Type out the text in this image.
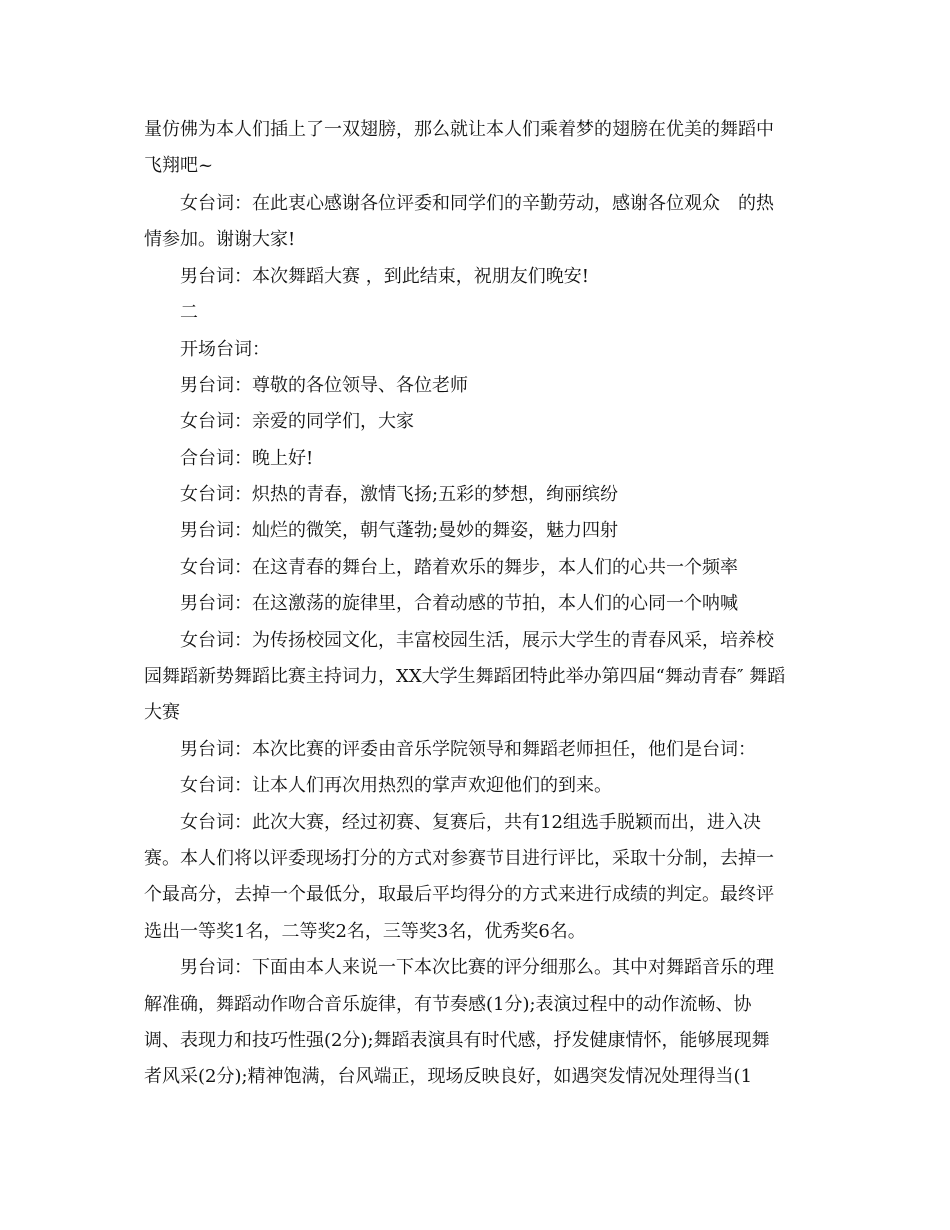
量仿佛为本人们插上了一双翅膀，那么就让本人们乘着梦的翅膀在优美的舞蹈中
飞翔吧~
女台词：在此衷心感谢各位评委和同学们的辛勤劳动，感谢各位观众　的热
情参加。谢谢大家!
男台词：本次舞蹈大赛 ，到此结束，祝朋友们晚安!
二
开场台词：
男台词：尊敬的各位领导、各位老师
女台词：亲爱的同学们，大家
合台词：晚上好!
女台词：炽热的青春，激情飞扬;五彩的梦想，绚丽缤纷
男台词：灿烂的微笑，朝气蓬勃;曼妙的舞姿，魅力四射
女台词：在这青春的舞台上，踏着欢乐的舞步，本人们的心共一个频率
男台词：在这激荡的旋律里，合着动感的节拍，本人们的心同一个呐喊
女台词：为传扬校园文化，丰富校园生活，展示大学生的青春风采，培养校
园舞蹈新势舞蹈比赛主持词力，XX大学生舞蹈团特此举办第四届“舞动青春″ 舞蹈
大赛
男台词：本次比赛的评委由音乐学院领导和舞蹈老师担任，他们是台词：
女台词：让本人们再次用热烈的掌声欢迎他们的到来。
女台词：此次大赛，经过初赛、复赛后，共有12组选手脱颖而出，进入决
赛。本人们将以评委现场打分的方式对参赛节目进行评比，采取十分制，去掉一
个最高分，去掉一个最低分，取最后平均得分的方式来进行成绩的判定。最终评
选出一等奖1名，二等奖2名，三等奖3名，优秀奖6名。
男台词：下面由本人来说一下本次比赛的评分细那么。其中对舞蹈音乐的理
解准确，舞蹈动作吻合音乐旋律，有节奏感(1分);表演过程中的动作流畅、协
调、表现力和技巧性强(2分);舞蹈表演具有时代感，抒发健康情怀，能够展现舞
者风采(2分);精神饱满，台风端正，现场反映良好，如遇突发情况处理得当(1
